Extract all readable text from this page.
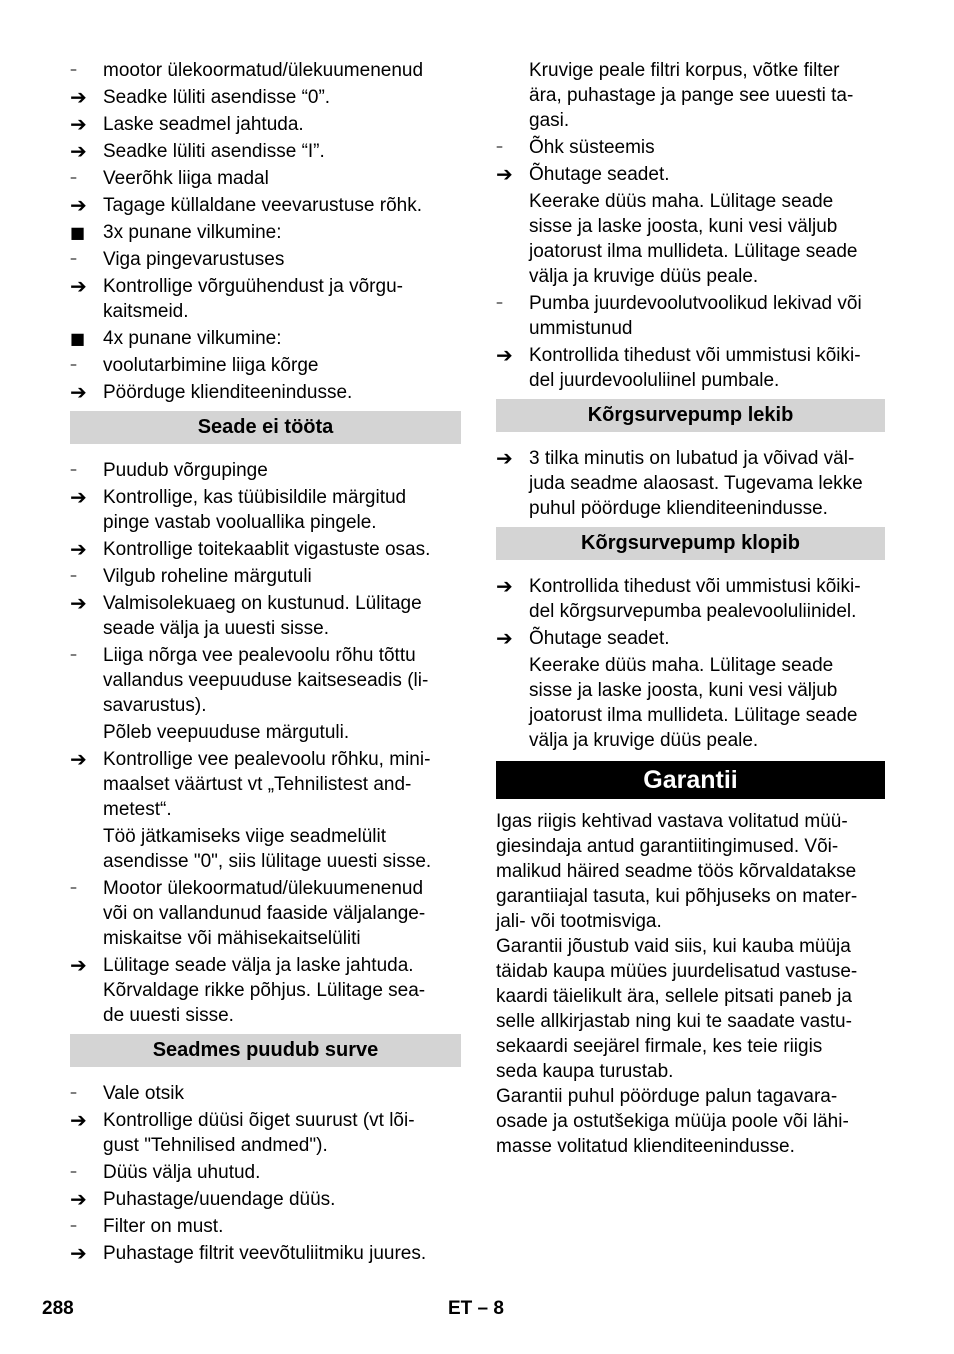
–	mootor ülekoormatud/ülekuumenenud
➔ Seadke lüliti asendisse “0”.
➔ Laske seadmel jahtuda.
➔ Seadke lüliti asendisse “I”.
–	Veerõhk liiga madal
➔ Tagage küllaldane veevarustuse rõhk.
■ 3x punane vilkumine:
–	Viga pingevarustuses
➔ Kontrollige võrguühendust ja võrgu-
kaitsmeid.
■ 4x punane vilkumine:
–	voolutarbimine liiga kõrge
➔ Pöörduge klienditeenindusse.
Seade ei tööta
–	Puudub võrgupinge
➔ Kontrollige, kas tüübisildile märgitud
pinge vastab vooluallika pingele.
➔ Kontrollige toitekaablit vigastuste osas.
–	Vilgub roheline märgutuli
➔ Valmisolekuaeg on kustunud. Lülitage
seade välja ja uuesti sisse.
–	Liiga nõrga vee pealevoolu rõhu tõttu
vallandus veepuuduse kaitseseadis (li-
savarustus).
Põleb veepuuduse märgutuli.
➔ Kontrollige vee pealevoolu rõhku, mini-
maalset väärtust vt „Tehnilistest and-
metest“.
Töö jätkamiseks viige seadmelülit
asendisse "0", siis lülitage uuesti sisse.
–	Mootor ülekoormatud/ülekuumenenud
või on vallandunud faaside väljalange-
miskaitse või mähisekaitselüliti
➔ Lülitage seade välja ja laske jahtuda.
Kõrvaldage rikke põhjus. Lülitage sea-
de uuesti sisse.
Seadmes puudub surve
–	Vale otsik
➔ Kontrollige düüsi õiget suurust (vt lõi-
gust "Tehnilised andmed").
–	Düüs välja uhutud.
➔ Puhastage/uuendage düüs.
–	Filter on must.
➔ Puhastage filtrit veevõtuliitmiku juures.
Kruvige peale filtri korpus, võtke filter
ära, puhastage ja pange see uuesti ta-
gasi.
–	Õhk süsteemis
➔ Õhutage seadet.
Keerake düüs maha. Lülitage seade
sisse ja laske joosta, kuni vesi väljub
joatorust ilma mullideta. Lülitage seade
välja ja kruvige düüs peale.
–	Pumba juurdevoolutvoolikud lekivad või
ummistunud
➔ Kontrollida tihedust või ummistusi kõiki-
del juurdevooluliinel pumbale.
Kõrgsurvepump lekib
➔ 3 tilka minutis on lubatud ja võivad väl-
juda seadme alaosast. Tugevama lekke
puhul pöörduge klienditeenindusse.
Kõrgsurvepump klopib
➔ Kontrollida tihedust või ummistusi kõiki-
del kõrgsurvepumba pealevooluliinidel.
➔ Õhutage seadet.
Keerake düüs maha. Lülitage seade
sisse ja laske joosta, kuni vesi väljub
joatorust ilma mullideta. Lülitage seade
välja ja kruvige düüs peale.
Garantii
Igas riigis kehtivad vastava volitatud müü-
giesindaja antud garantiitingimused. Või-
malikud häired seadme töös kõrvaldatakse
garantiiajal tasuta, kui põhjuseks on mater-
jali- või tootmisviga.
Garantii jõustub vaid siis, kui kauba müüja
täidab kaupa müües juurdelisatud vastuse-
kaardi täielikult ära, sellele pitsati paneb ja
selle allkirjastab ning kui te saadate vastu-
sekaardi seejärel firmale, kes teie riigis
seda kaupa turustab.
Garantii puhul pöörduge palun tagavara-
osade ja ostutšekiga müüja poole või lähi-
masse volitatud klienditeenindusse.
288	ET – 8
